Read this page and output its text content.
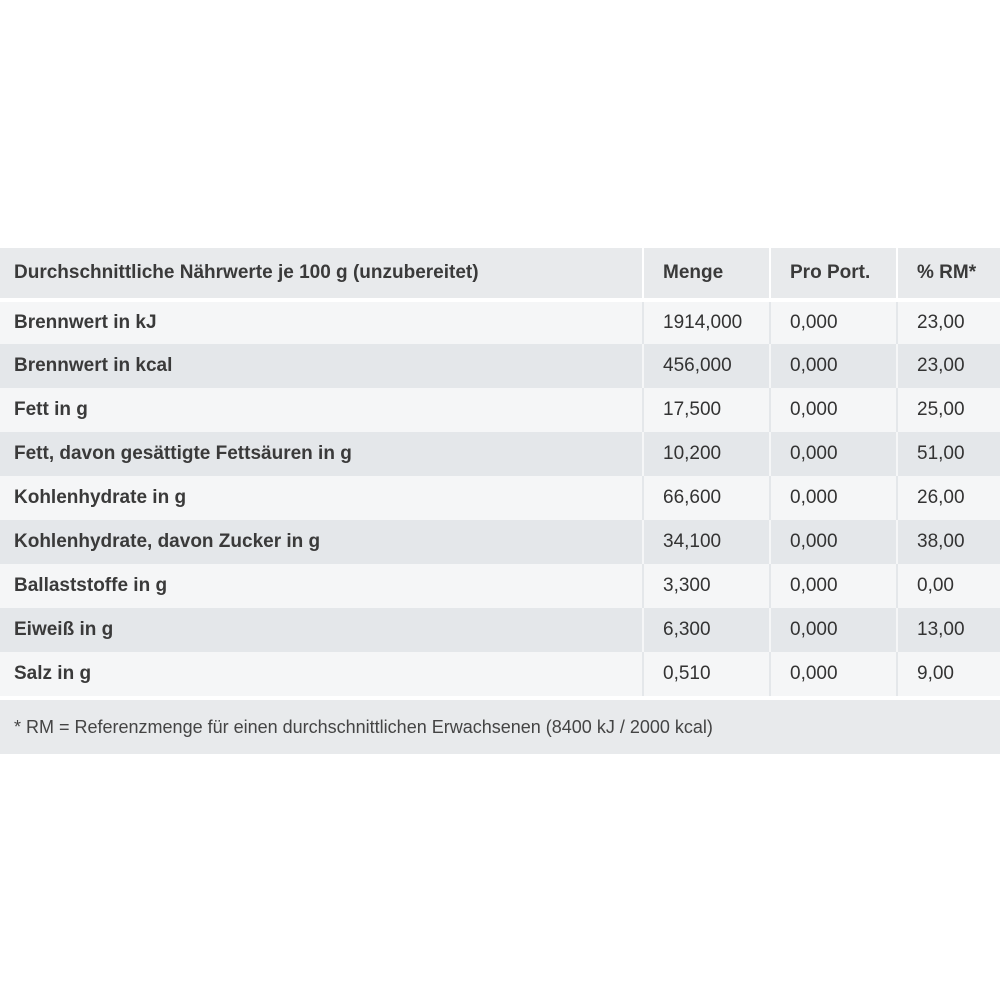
Durchschnittliche Nährwerte je 100 g (unzubereitet)	Menge	Pro Port.	% RM*
Brennwert in kJ	1914,000	0,000	23,00
Brennwert in kcal	456,000	0,000	23,00
Fett in g	17,500	0,000	25,00
Fett, davon gesättigte Fettsäuren in g	10,200	0,000	51,00
Kohlenhydrate in g	66,600	0,000	26,00
Kohlenhydrate, davon Zucker in g	34,100	0,000	38,00
Ballaststoffe in g	3,300	0,000	0,00
Eiweiß in g	6,300	0,000	13,00
Salz in g	0,510	0,000	9,00
* RM = Referenzmenge für einen durchschnittlichen Erwachsenen (8400 kJ / 2000 kcal)
